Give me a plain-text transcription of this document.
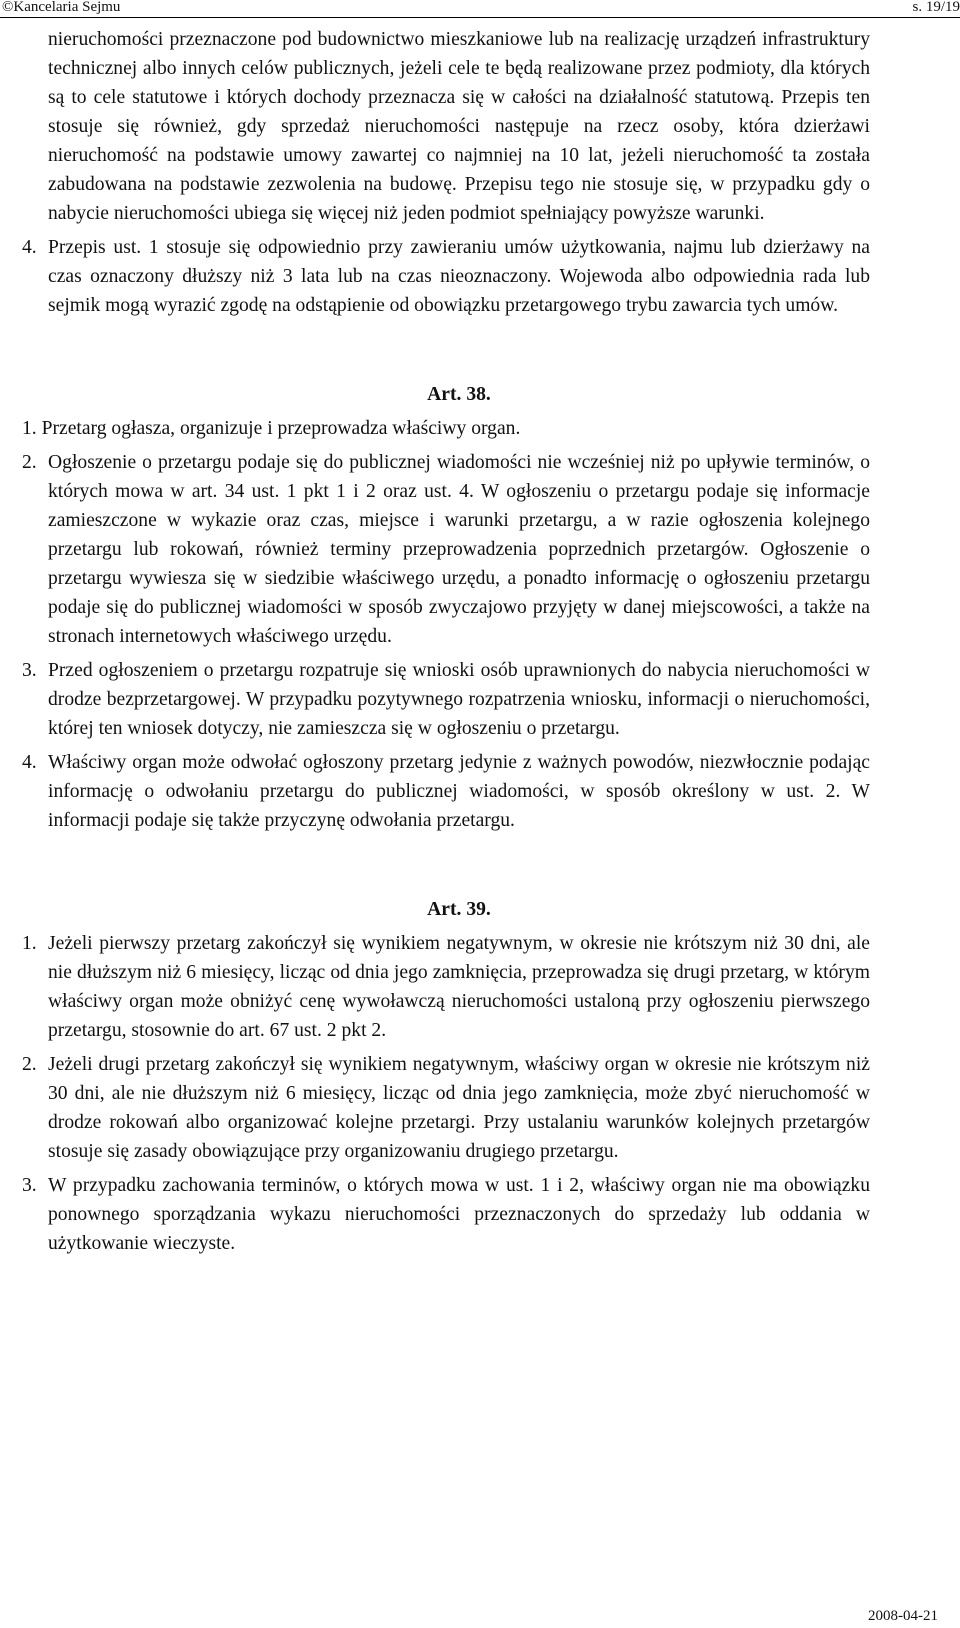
©Kancelaria Sejmu	s. 19/19

nieruchomości przeznaczone pod budownictwo mieszkaniowe lub na realizację urządzeń infrastruktury technicznej albo innych celów publicznych, jeżeli cele te będą realizowane przez podmioty, dla których są to cele statutowe i których dochody przeznacza się w całości na działalność statutową. Przepis ten stosuje się również, gdy sprzedaż nieruchomości następuje na rzecz osoby, która dzierżawi nieruchomość na podstawie umowy zawartej co najmniej na 10 lat, jeżeli nieruchomość ta została zabudowana na podstawie zezwolenia na budowę. Przepisu tego nie stosuje się, w przypadku gdy o nabycie nieruchomości ubiega się więcej niż jeden podmiot spełniający powyższe warunki.

4. Przepis ust. 1 stosuje się odpowiednio przy zawieraniu umów użytkowania, najmu lub dzierżawy na czas oznaczony dłuższy niż 3 lata lub na czas nieoznaczony. Wojewoda albo odpowiednia rada lub sejmik mogą wyrazić zgodę na odstąpienie od obowiązku przetargowego trybu zawarcia tych umów.
Art. 38.

1. Przetarg ogłasza, organizuje i przeprowadza właściwy organ.

2. Ogłoszenie o przetargu podaje się do publicznej wiadomości nie wcześniej niż po upływie terminów, o których mowa w art. 34 ust. 1 pkt 1 i 2 oraz ust. 4. W ogłoszeniu o przetargu podaje się informacje zamieszczone w wykazie oraz czas, miejsce i warunki przetargu, a w razie ogłoszenia kolejnego przetargu lub rokowań, również terminy przeprowadzenia poprzednich przetargów. Ogłoszenie o przetargu wywiesza się w siedzibie właściwego urzędu, a ponadto informację o ogłoszeniu przetargu podaje się do publicznej wiadomości w sposób zwyczajowo przyjęty w danej miejscowości, a także na stronach internetowych właściwego urzędu.
3. Przed ogłoszeniem o przetargu rozpatruje się wnioski osób uprawnionych do nabycia nieruchomości w drodze bezprzetargowej. W przypadku pozytywnego rozpatrzenia wniosku, informacji o nieruchomości, której ten wniosek dotyczy, nie zamieszcza się w ogłoszeniu o przetargu.
4. Właściwy organ może odwołać ogłoszony przetarg jedynie z ważnych powodów, niezwłocznie podając informację o odwołaniu przetargu do publicznej wiadomości, w sposób określony w ust. 2. W informacji podaje się także przyczynę odwołania przetargu.
Art. 39.
1. Jeżeli pierwszy przetarg zakończył się wynikiem negatywnym, w okresie nie krótszym niż 30 dni, ale nie dłuższym niż 6 miesięcy, licząc od dnia jego zamknięcia, przeprowadza się drugi przetarg, w którym właściwy organ może obniżyć cenę wywoławczą nieruchomości ustaloną przy ogłoszeniu pierwszego przetargu, stosownie do art. 67 ust. 2 pkt 2.
2. Jeżeli drugi przetarg zakończył się wynikiem negatywnym, właściwy organ w okresie nie krótszym niż 30 dni, ale nie dłuższym niż 6 miesięcy, licząc od dnia jego zamknięcia, może zbyć nieruchomość w drodze rokowań albo organizować kolejne przetargi. Przy ustalaniu warunków kolejnych przetargów stosuje się zasady obowiązujące przy organizowaniu drugiego przetargu.
3. W przypadku zachowania terminów, o których mowa w ust. 1 i 2, właściwy organ nie ma obowiązku ponownego sporządzania wykazu nieruchomości przeznaczonych do sprzedaży lub oddania w użytkowanie wieczyste.
2008-04-21
